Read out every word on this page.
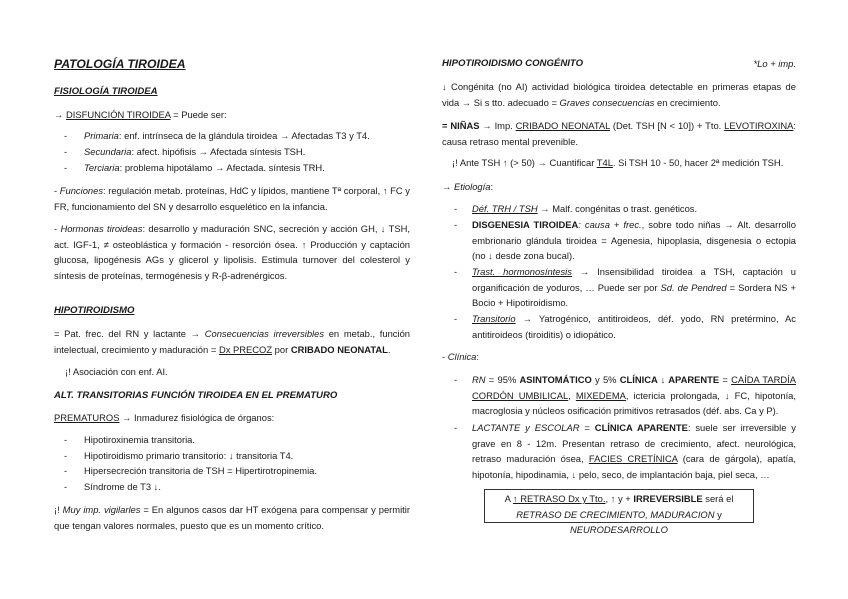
PATOLOGÍA TIROIDEA
FISIOLOGÍA TIROIDEA
→ DISFUNCIÓN TIROIDEA = Puede ser:
- Primaria: enf. intrínseca de la glándula tiroidea → Afectadas T3 y T4.
- Secundaria: afect. hipófisis → Afectada síntesis TSH.
- Terciaria: problema hipotálamo → Afectada. síntesis TRH.
- Funciones: regulación metab. proteínas, HdC y lípidos, mantiene Tª corporal, ↑ FC y FR, funcionamiento del SN y desarrollo esquelético en la infancia.
- Hormonas tiroideas: desarrollo y maduración SNC, secreción y acción GH, ↓ TSH, act. IGF-1, ≠ osteoblástica y formación - resorción ósea. ↑ Producción y captación glucosa, lipogénesis AGs y glicerol y lipolisis. Estimula turnover del colesterol y síntesis de proteínas, termogénesis y R-β-adrenérgicos.
HIPOTIROIDISMO
= Pat. frec. del RN y lactante → Consecuencias irreversibles en metab., función intelectual, crecimiento y maduración = Dx PRECOZ por CRIBADO NEONATAL.
¡! Asociación con enf. AI.
ALT. TRANSITORIAS FUNCIÓN TIROIDEA EN EL PREMATURO
PREMATUROS → Inmadurez fisiológica de órganos:
- Hipotiroxinemia transitoria.
- Hipotiroidismo primario transitorio: ↓ transitoria T4.
- Hipersecreción transitoria de TSH = Hipertirotropinemia.
- Síndrome de T3 ↓.
¡! Muy imp. vigilarles = En algunos casos dar HT exógena para compensar y permitir que tengan valores normales, puesto que es un momento crítico.
HIPOTIROIDISMO CONGÉNITO	*Lo + imp.
↓ Congénita (no AI) actividad biológica tiroidea detectable en primeras etapas de vida → Si s tto. adecuado = Graves consecuencias en crecimiento.
= NIÑAS → Imp. CRIBADO NEONATAL (Det. TSH [N < 10]) + Tto. LEVOTIROXINA: causa retraso mental prevenible.
¡! Ante TSH ↑ (> 50) → Cuantificar T4L. Si TSH 10 - 50, hacer 2ª medición TSH.
→ Etiología:
- Déf. TRH / TSH → Malf. congénitas o trast. genéticos.
- DISGENESIA TIROIDEA: causa + frec., sobre todo niñas → Alt. desarrollo embrionario glándula tiroidea = Agenesia, hipoplasia, disgenesia o ectopia (no ↓ desde zona bucal).
- Trast. hormonosíntesis → Insensibilidad tiroidea a TSH, captación u organificación de yoduros, … Puede ser por Sd. de Pendred = Sordera NS + Bocio + Hipotiroidismo.
- Transitorio → Yatrogénico, antitiroideos, déf. yodo, RN pretérmino, Ac antitiroideos (tiroiditis) o idiopático.
- Clínica:
- RN = 95% ASINTOMÁTICO y 5% CLÍNICA ↓ APARENTE = CAÍDA TARDÍA CORDÓN UMBILICAL, MIXEDEMA, ictericia prolongada, ↓ FC, hipotonía, macroglosia y núcleos osificación primitivos retrasados (déf. abs. Ca y P).
- LACTANTE y ESCOLAR = CLÍNICA APARENTE: suele ser irreversible y grave en 8 - 12m. Presentan retraso de crecimiento, afect. neurológica, retraso maduración ósea, FACIES CRETÍNICA (cara de gárgola), apatía, hipotonía, hipodinamia, ↓ pelo, seco, de implantación baja, piel seca, …
A ↑ RETRASO Dx y Tto., ↑ y + IRREVERSIBLE será el RETRASO DE CRECIMIENTO, MADURACION y NEURODESARROLLO
